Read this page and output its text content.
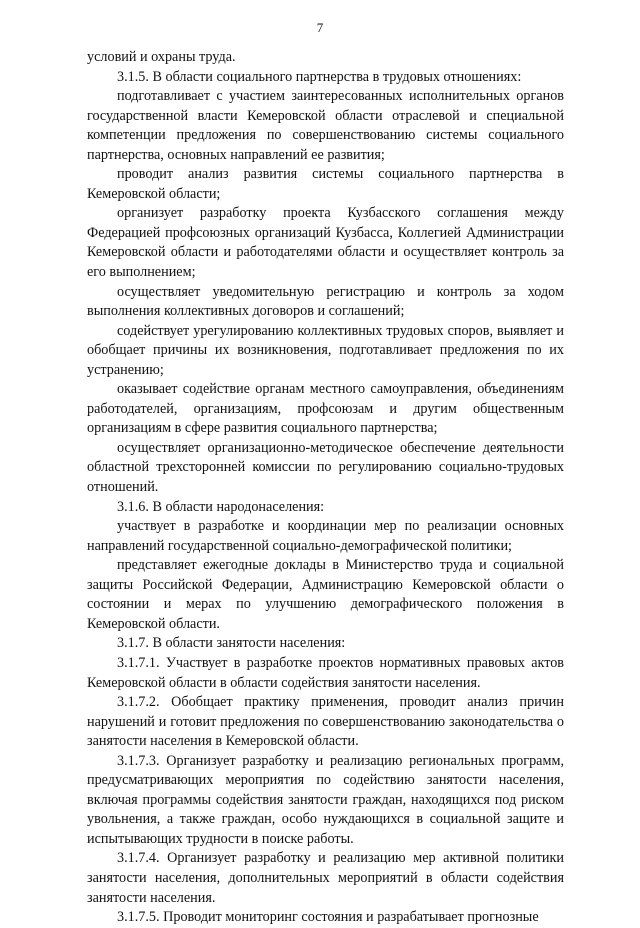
7

условий и охраны труда.

3.1.5. В области социального партнерства в трудовых отношениях:

подготавливает с участием заинтересованных исполнительных органов государственной власти Кемеровской области отраслевой и специальной компетенции предложения по совершенствованию системы социального партнерства, основных направлений ее развития;

проводит анализ развития системы социального партнерства в Кемеровской области;

организует разработку проекта Кузбасского соглашения между Федерацией профсоюзных организаций Кузбасса, Коллегией Администрации Кемеровской области и работодателями области и осуществляет контроль за его выполнением;

осуществляет уведомительную регистрацию и контроль за ходом выполнения коллективных договоров и соглашений;

содействует урегулированию коллективных трудовых споров, выявляет и обобщает причины их возникновения, подготавливает предложения по их устранению;

оказывает содействие органам местного самоуправления, объединениям работодателей, организациям, профсоюзам и другим общественным организациям в сфере развития социального партнерства;

осуществляет организационно-методическое обеспечение деятельности областной трехсторонней комиссии по регулированию социально-трудовых отношений.

3.1.6. В области народонаселения:

участвует в разработке и координации мер по реализации основных направлений государственной социально-демографической политики;

представляет ежегодные доклады в Министерство труда и социальной защиты Российской Федерации, Администрацию Кемеровской области о состоянии и мерах по улучшению демографического положения в Кемеровской области.

3.1.7. В области занятости населения:

3.1.7.1. Участвует в разработке проектов нормативных правовых актов Кемеровской области в области содействия занятости населения.

3.1.7.2. Обобщает практику применения, проводит анализ причин нарушений и готовит предложения по совершенствованию законодательства о занятости населения в Кемеровской области.

3.1.7.3. Организует разработку и реализацию региональных программ, предусматривающих мероприятия по содействию занятости населения, включая программы содействия занятости граждан, находящихся под риском увольнения, а также граждан, особо нуждающихся в социальной защите и испытывающих трудности в поиске работы.

3.1.7.4. Организует разработку и реализацию мер активной политики занятости населения, дополнительных мероприятий в области содействия занятости населения.

3.1.7.5. Проводит мониторинг состояния и разрабатывает прогнозные
